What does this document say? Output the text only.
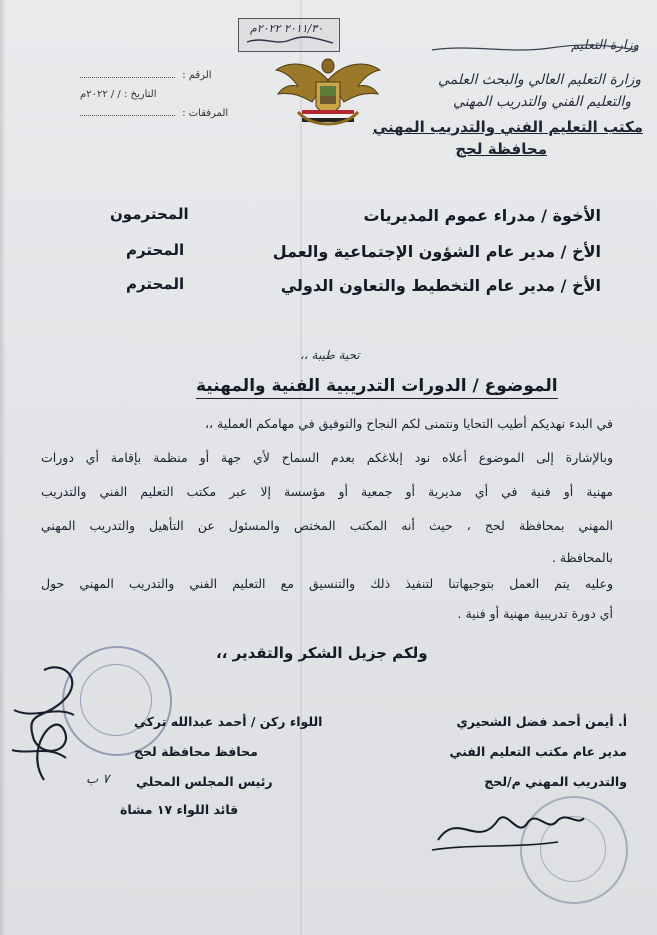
٢٠١١/٣٠ ٢٠٢٢م
وزارة التعليم
الرقم :
التاريخ : / / ٢٠٢٢م
المرفقات :
وزارة التعليم العالي والبحث العلمي
والتعليم الفني والتدريب المهني
مكتب التعليم الفني والتدريب المهني
محافظة لحج
الأخوة / مدراء عموم المديريات
المحترمون
الأخ / مدير عام الشؤون الإجتماعية والعمل
المحترم
الأخ / مدير عام التخطيط والتعاون الدولي
المحترم
تحية طيبة ،،
الموضوع / الدورات التدريبية الفنية والمهنية
في البدء نهديكم أطيب التحايا ونتمنى لكم النجاح والتوفيق في مهامكم العملية ،،
وبالإشارة إلى الموضوع أعلاه نود إبلاغكم بعدم السماح لأي جهة أو منظمة بإقامة أي دورات
مهنية أو فنية في أي مديرية أو جمعية أو مؤسسة إلا عبر مكتب التعليم الفني والتدريب
المهني بمحافظة لحج ، حيث أنه المكتب المختص والمسئول عن التأهيل والتدريب المهني
بالمحافظة .
وعليه يتم العمل بتوجيهاتنا لتنفيذ ذلك والتنسيق مع التعليم الفني والتدريب المهني حول
أي دورة تدريبية مهنية أو فنية .
ولكم جزيل الشكر والتقدير ،،
٧ ب
اللواء ركن / أحمد عبدالله تركي
محافظ محافظة لحج
رئيس المجلس المحلي
قائد اللواء ١٧ مشاة
أ. أيمن أحمد فضل الشحيري
مدير عام مكتب التعليم الفني
والتدريب المهني م/لحج
